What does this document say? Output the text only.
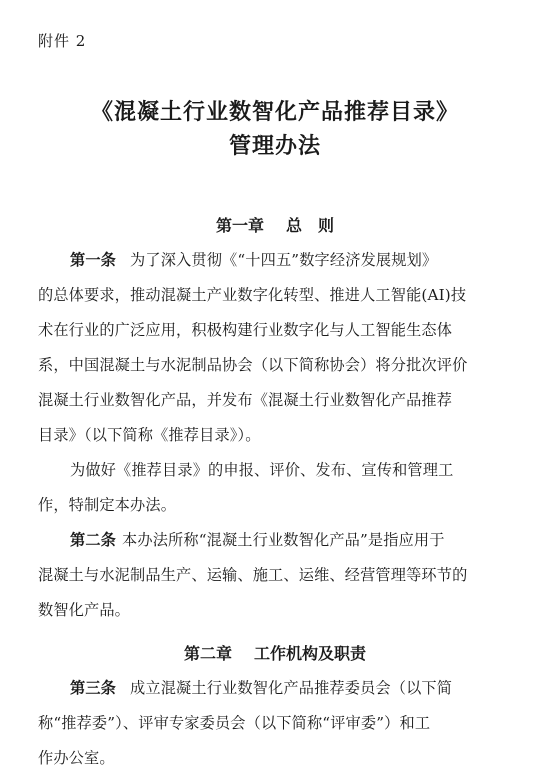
附件 2
《混凝土行业数智化产品推荐目录》
管理办法
第一章 总　则
第一条 为了深入贯彻《“十四五”数字经济发展规划》
的总体要求，推动混凝土产业数字化转型、推进人工智能(AI)技
术在行业的广泛应用，积极构建行业数字化与人工智能生态体
系，中国混凝土与水泥制品协会（以下简称协会）将分批次评价
混凝土行业数智化产品，并发布《混凝土行业数智化产品推荐
目录》（以下简称《推荐目录》）。
为做好《推荐目录》的申报、评价、发布、宣传和管理工
作，特制定本办法。
第二条 本办法所称“混凝土行业数智化产品”是指应用于
混凝土与水泥制品生产、运输、施工、运维、经营管理等环节的
数智化产品。
第二章 工作机构及职责
第三条 成立混凝土行业数智化产品推荐委员会（以下简
称“推荐委”）、评审专家委员会（以下简称“评审委”）和工
作办公室。
